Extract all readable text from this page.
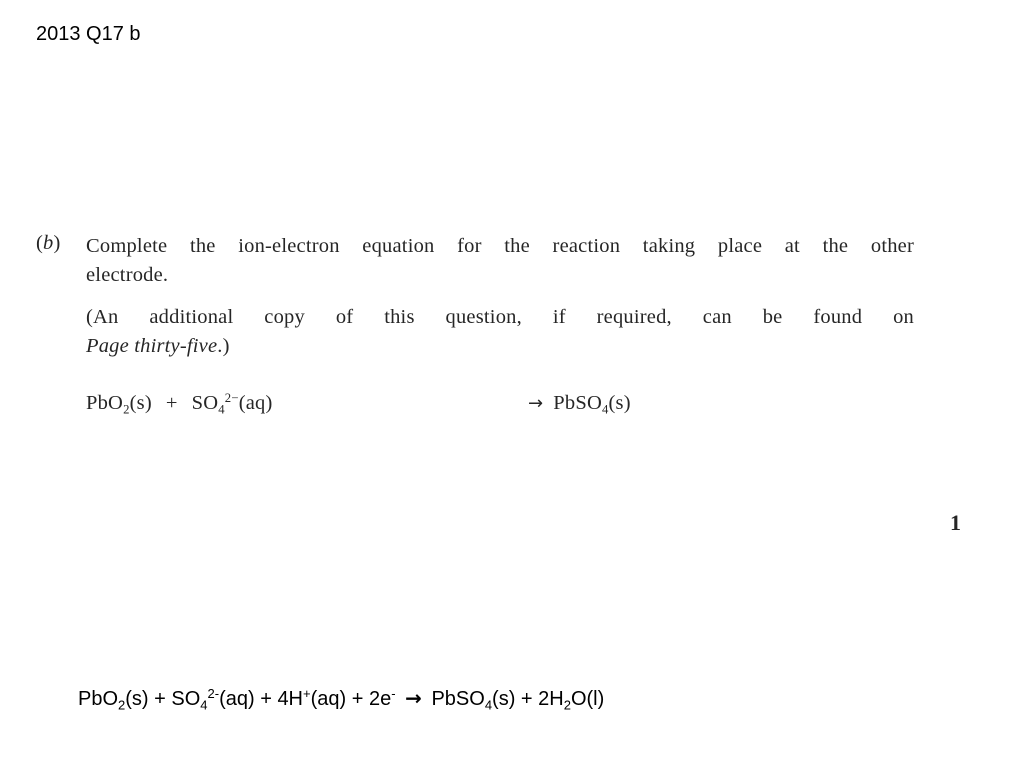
2013 Q17 b
(b) Complete the ion-electron equation for the reaction taking place at the other
electrode.
(An additional copy of this question, if required, can be found on
Page thirty-five.)
$PbO_2(s) + SO_4^{2-}(aq)$	→ PbSO$_4$(s)
1
$PbO_2(s) + SO_4^{2-}(aq) + 4H^+(aq) + 2e^-$ → PbSO$_4$(s) + $2H_2O(l)$
